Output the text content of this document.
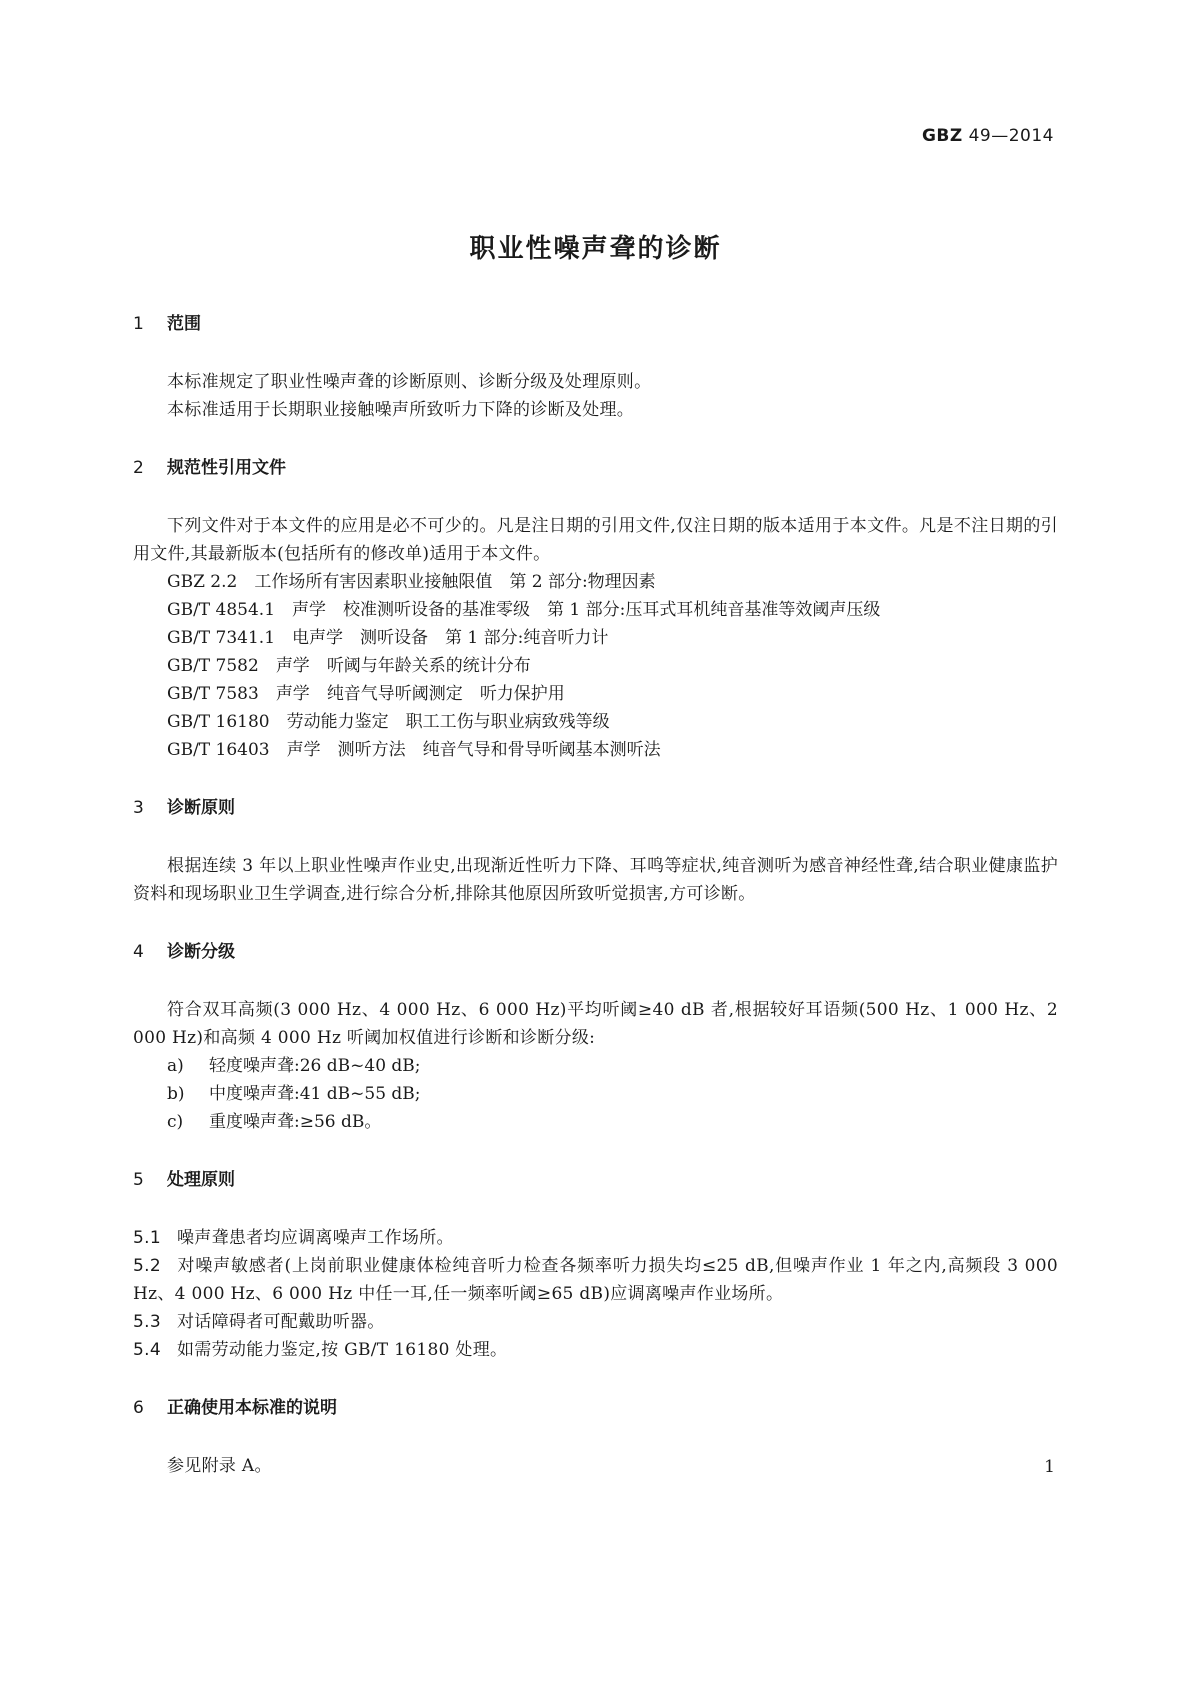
GBZ 49—2014
职业性噪声聋的诊断
1 范围
本标准规定了职业性噪声聋的诊断原则、诊断分级及处理原则。
本标准适用于长期职业接触噪声所致听力下降的诊断及处理。
2 规范性引用文件
下列文件对于本文件的应用是必不可少的。凡是注日期的引用文件,仅注日期的版本适用于本文件。凡是不注日期的引用文件,其最新版本(包括所有的修改单)适用于本文件。
GBZ 2.2 工作场所有害因素职业接触限值 第 2 部分:物理因素
GB/T 4854.1 声学 校准测听设备的基准零级 第 1 部分:压耳式耳机纯音基准等效阈声压级
GB/T 7341.1 电声学 测听设备 第 1 部分:纯音听力计
GB/T 7582 声学 听阈与年龄关系的统计分布
GB/T 7583 声学 纯音气导听阈测定 听力保护用
GB/T 16180 劳动能力鉴定 职工工伤与职业病致残等级
GB/T 16403 声学 测听方法 纯音气导和骨导听阈基本测听法
3 诊断原则
根据连续 3 年以上职业性噪声作业史,出现渐近性听力下降、耳鸣等症状,纯音测听为感音神经性聋,结合职业健康监护资料和现场职业卫生学调查,进行综合分析,排除其他原因所致听觉损害,方可诊断。
4 诊断分级
符合双耳高频(3 000 Hz、4 000 Hz、6 000 Hz)平均听阈≥40 dB 者,根据较好耳语频(500 Hz、1 000 Hz、2 000 Hz)和高频 4 000 Hz 听阈加权值进行诊断和诊断分级:
a) 轻度噪声聋:26 dB~40 dB;
b) 中度噪声聋:41 dB~55 dB;
c) 重度噪声聋:≥56 dB。
5 处理原则
5.1 噪声聋患者均应调离噪声工作场所。
5.2 对噪声敏感者(上岗前职业健康体检纯音听力检查各频率听力损失均≤25 dB,但噪声作业 1 年之内,高频段 3 000 Hz、4 000 Hz、6 000 Hz 中任一耳,任一频率听阈≥65 dB)应调离噪声作业场所。
5.3 对话障碍者可配戴助听器。
5.4 如需劳动能力鉴定,按 GB/T 16180 处理。
6 正确使用本标准的说明
参见附录 A。	1
